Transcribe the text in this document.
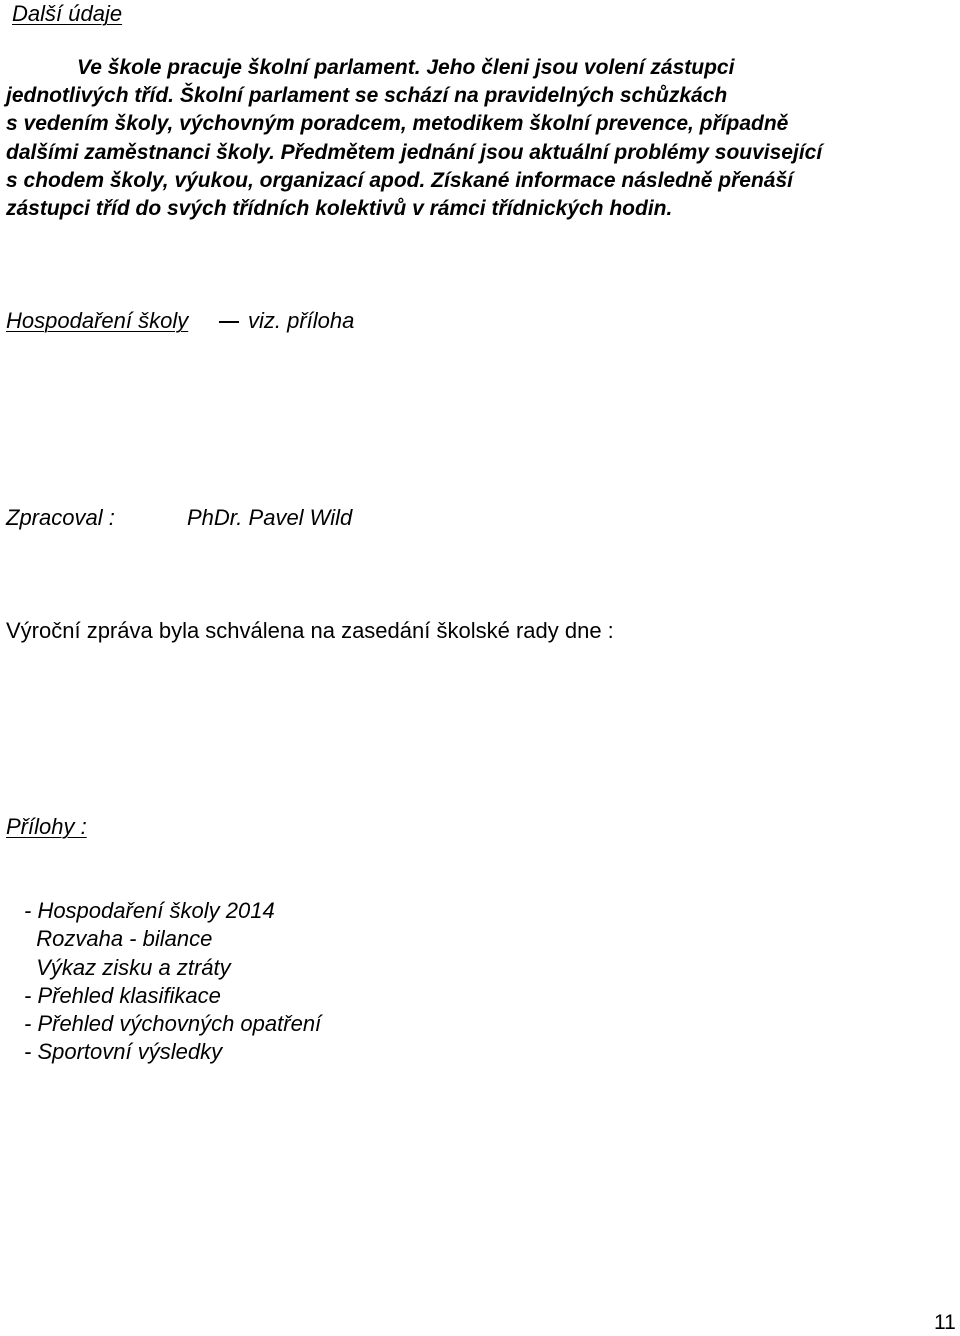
Další údaje

Ve škole pracuje školní parlament. Jeho členi jsou volení zástupci
jednotlivých tříd. Školní parlament se schází na pravidelných schůzkách
s vedením školy, výchovným poradcem, metodikem školní prevence, případně
dalšími zaměstnanci školy. Předmětem jednání jsou aktuální problémy související
s chodem školy, výukou, organizací apod. Získané informace následně přenáší
zástupci tříd do svých třídních kolektivů v rámci třídnických hodin.

Hospodaření školy	viz. příloha
Zpracoval :	PhDr. Pavel Wild
Výroční zpráva byla schválena na zasedání školské rady dne :
Přílohy :
- Hospodaření školy 2014
Rozvaha - bilance
Výkaz zisku a ztráty
- Přehled klasifikace
- Přehled výchovných opatření
- Sportovní výsledky
11
